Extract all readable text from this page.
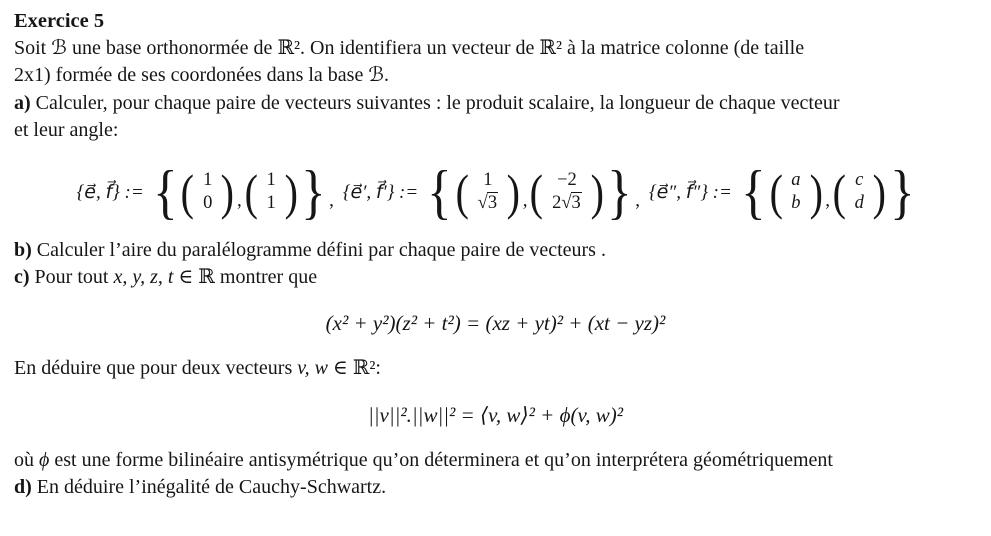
Exercice 5
Soit ℬ une base orthonormée de ℝ². On identifiera un vecteur de ℝ² à la matrice colonne (de taille
2x1) formée de ses coordonées dans la base ℬ.
a) Calculer, pour chaque paire de vecteurs suivantes : le produit scalaire, la longueur de chaque vecteur
et leur angle:
{e⃗, f⃗} := { ( 1
0 ) , ( 1
1 ) } , {e⃗′, f⃗′} := { ( 1
√3 ) , ( −2
2√3 ) } , {e⃗″, f⃗″} := { ( a
b ) , ( c
d ) }
b) Calculer l’aire du paralélogramme défini par chaque paire de vecteurs .
c) Pour tout x, y, z, t ∈ ℝ montrer que
(x² + y²)(z² + t²) = (xz + yt)² + (xt − yz)²
En déduire que pour deux vecteurs v, w ∈ ℝ²:
||v||².||w||² = ⟨v, w⟩² + ϕ(v, w)²
où ϕ est une forme bilinéaire antisymétrique qu’on déterminera et qu’on interprétera géométriquement
d) En déduire l’inégalité de Cauchy-Schwartz.
